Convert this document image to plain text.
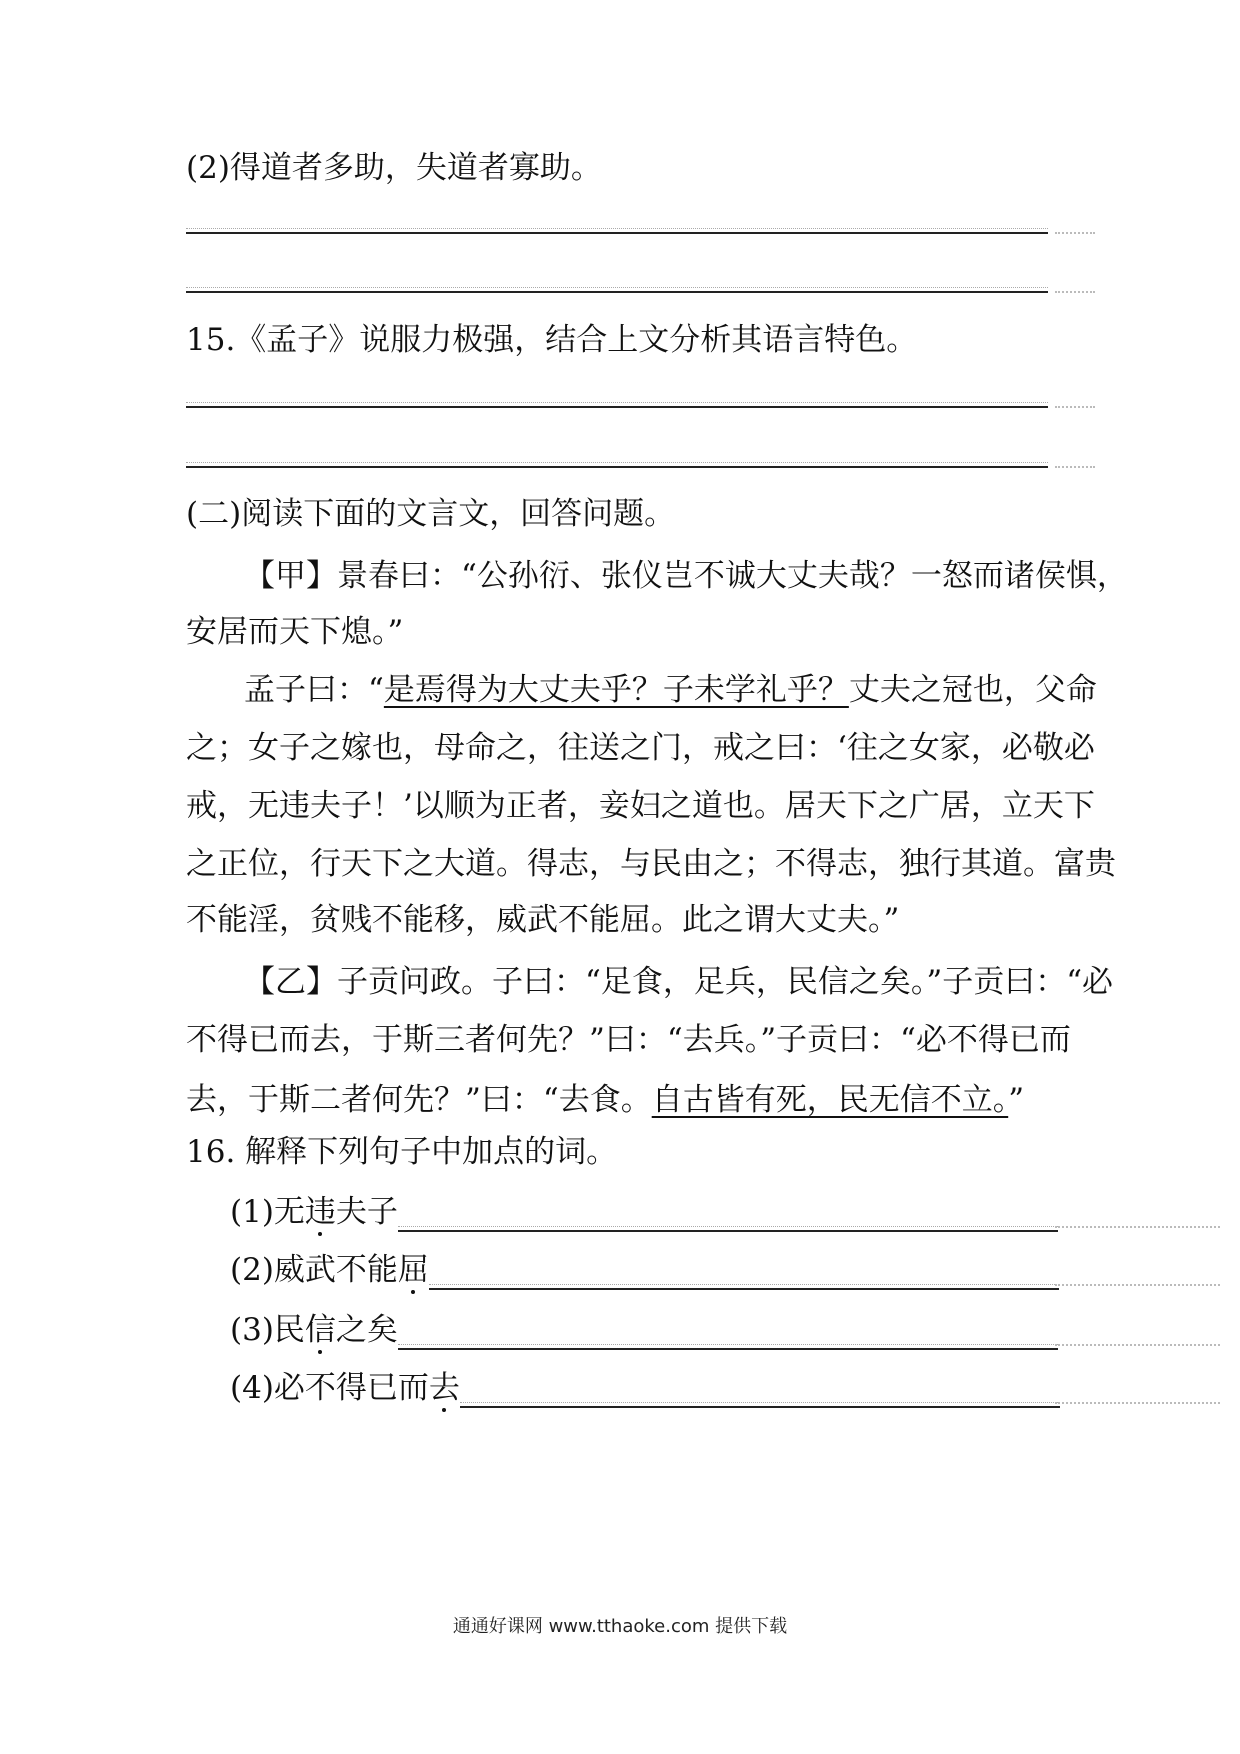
(2)得道者多助，失道者寡助。
15.《孟子》说服力极强，结合上文分析其语言特色。
(二)阅读下面的文言文，回答问题。
【甲】景春曰：“公孙衍、张仪岂不诚大丈夫哉？一怒而诸侯惧，
安居而天下熄。”
孟子曰：“是焉得为大丈夫乎？子未学礼乎？丈夫之冠也，父命
之；女子之嫁也，母命之，往送之门，戒之曰：‘往之女家，必敬必
戒，无违夫子！’以顺为正者，妾妇之道也。居天下之广居，立天下
之正位，行天下之大道。得志，与民由之；不得志，独行其道。富贵
不能淫，贫贱不能移，威武不能屈。此之谓大丈夫。”
【乙】子贡问政。子曰：“足食，足兵，民信之矣。”子贡曰：“必
不得已而去，于斯三者何先？”曰：“去兵。”子贡曰：“必不得已而
去，于斯二者何先？”曰：“去食。自古皆有死，民无信不立。”
16. 解释下列句子中加点的词。
(1)无违夫子
(2)威武不能屈
(3)民信之矣
(4)必不得已而去
通通好课网 www.tthaoke.com 提供下载
